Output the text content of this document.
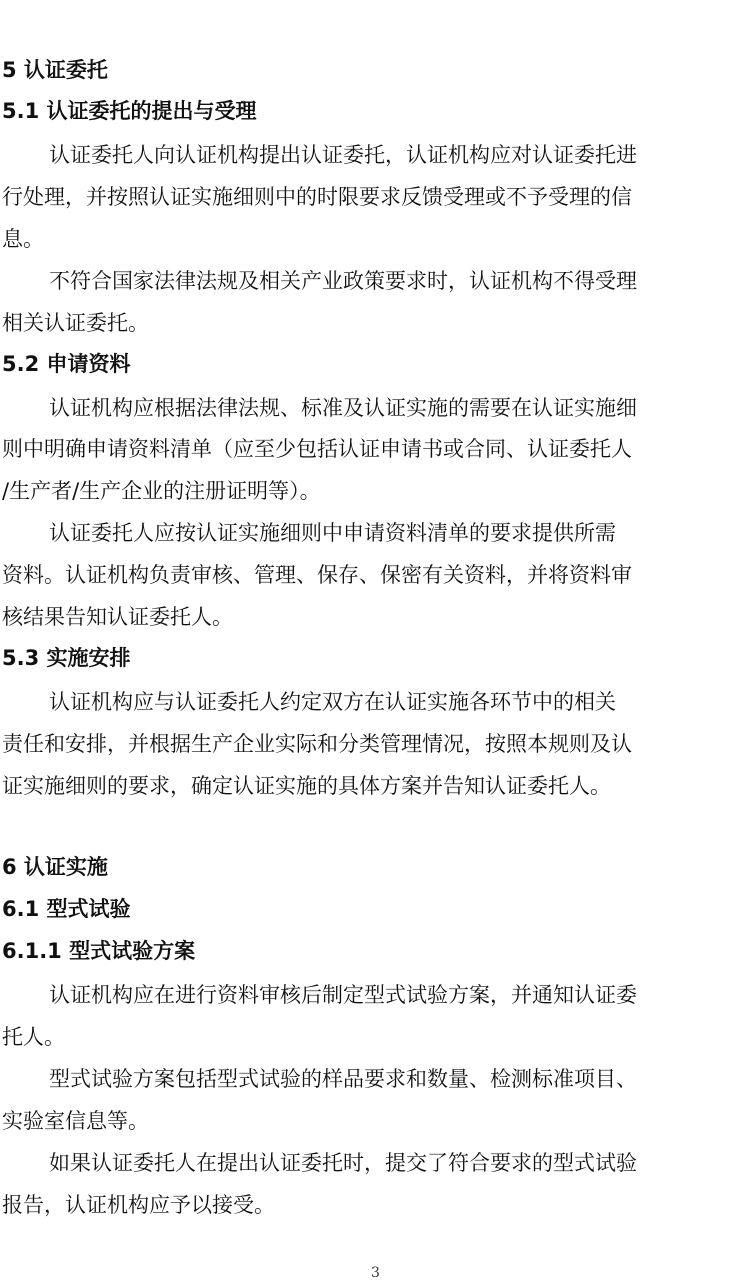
5 认证委托
5.1 认证委托的提出与受理
认证委托人向认证机构提出认证委托，认证机构应对认证委托进
行处理，并按照认证实施细则中的时限要求反馈受理或不予受理的信
息。
不符合国家法律法规及相关产业政策要求时，认证机构不得受理
相关认证委托。
5.2 申请资料
认证机构应根据法律法规、标准及认证实施的需要在认证实施细
则中明确申请资料清单（应至少包括认证申请书或合同、认证委托人
/生产者/生产企业的注册证明等）。
认证委托人应按认证实施细则中申请资料清单的要求提供所需
资料。认证机构负责审核、管理、保存、保密有关资料，并将资料审
核结果告知认证委托人。
5.3 实施安排
认证机构应与认证委托人约定双方在认证实施各环节中的相关
责任和安排，并根据生产企业实际和分类管理情况，按照本规则及认
证实施细则的要求，确定认证实施的具体方案并告知认证委托人。
6 认证实施
6.1 型式试验
6.1.1 型式试验方案
认证机构应在进行资料审核后制定型式试验方案，并通知认证委
托人。
型式试验方案包括型式试验的样品要求和数量、检测标准项目、
实验室信息等。
如果认证委托人在提出认证委托时，提交了符合要求的型式试验
报告，认证机构应予以接受。
3
